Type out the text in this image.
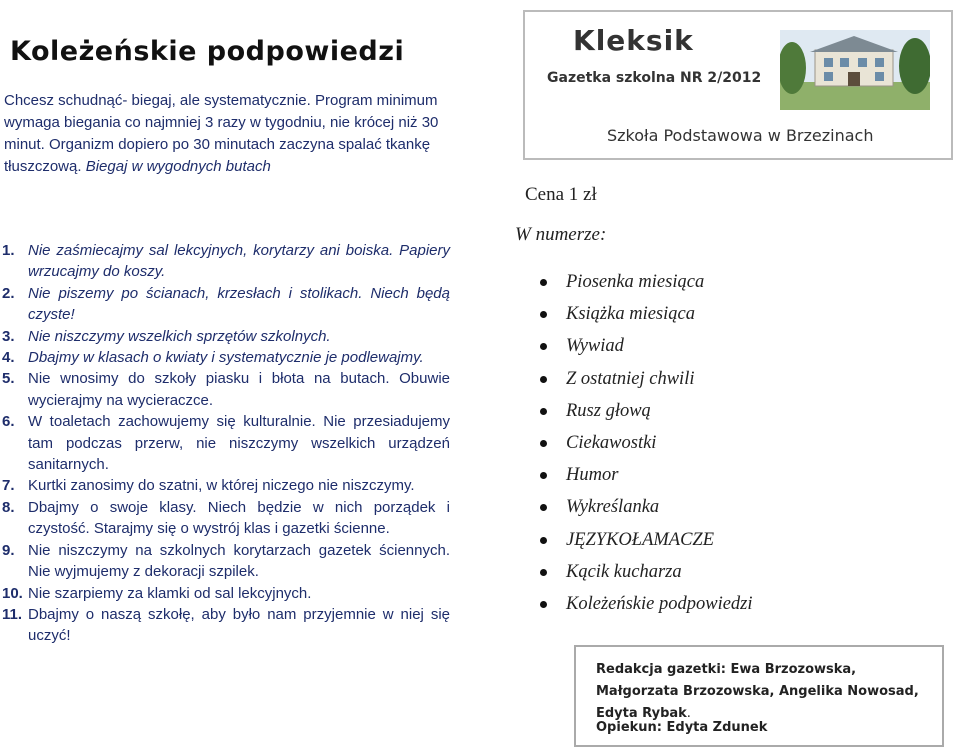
Koleżeńskie podpowiedzi
Chcesz schudnąć- biegaj, ale systematycznie. Program minimum wymaga biegania co najmniej 3 razy w tygodniu, nie krócej niż 30 minut. Organizm dopiero po 30 minutach zaczyna spalać tkankę tłuszczową. Biegaj w wygodnych butach
1. Nie zaśmiecajmy sal lekcyjnych, korytarzy ani boiska. Papiery wrzucajmy do koszy.
2. Nie piszemy po ścianach, krzesłach i stolikach. Niech będą czyste!
3. Nie niszczymy wszelkich sprzętów szkolnych.
4. Dbajmy w klasach o kwiaty i systematycznie je podlewajmy.
5. Nie wnosimy do szkoły piasku i błota na butach. Obuwie wycierajmy na wycieraczce.
6. W toaletach zachowujemy się kulturalnie. Nie przesiadujemy tam podczas przerw, nie niszczymy wszelkich urządzeń sanitarnych.
7. Kurtki zanosimy do szatni, w której niczego nie niszczymy.
8. Dbajmy o swoje klasy. Niech będzie w nich porządek i czystość. Starajmy się o wystrój klas i gazetki ścienne.
9. Nie niszczymy na szkolnych korytarzach gazetek ściennych. Nie wyjmujemy z dekoracji szpilek.
10. Nie szarpiemy za klamki od sal lekcyjnych.
11. Dbajmy o naszą szkołę, aby było nam przyjemnie w niej się uczyć!
Kleksik
Gazetka szkolna NR 2/2012
Szkoła Podstawowa w Brzezinach
Cena 1 zł
W numerze:
Piosenka miesiąca
Książka miesiąca
Wywiad
Z ostatniej chwili
Rusz głową
Ciekawostki
Humor
Wykreślanka
JĘZYKOŁAMACZE
Kącik kucharza
Koleżeńskie podpowiedzi
Redakcja gazetki: Ewa Brzozowska, Małgorzata Brzozowska, Angelika Nowosad, Edyta Rybak.
Opiekun: Edyta Zdunek
